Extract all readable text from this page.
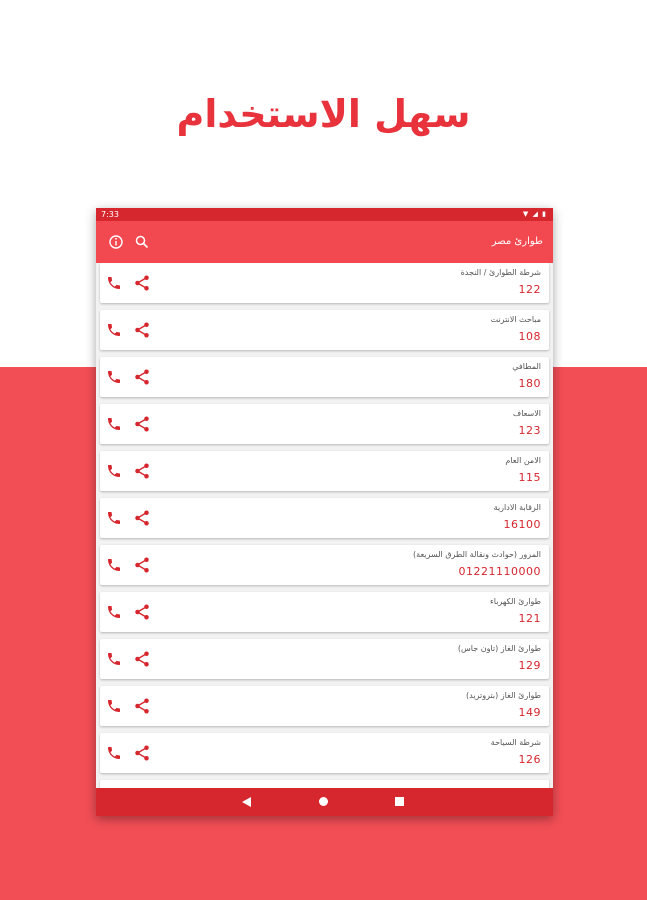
سهل الاستخدام
7:33	▼ ◢ ▮
طوارئ مصر
شرطة الطوارئ / النجدة
122
مباحث الانترنت
108
المطافي
180
الاسعاف
123
الامن العام
115
الرقابة الادارية
16100
المرور (حوادث ونقالة الطرق السريعة)
01221110000
طوارئ الكهرباء
121
طوارئ الغاز (تاون جاس)
129
طوارئ الغاز (بتروتريد)
149
شرطة السياحة
126
